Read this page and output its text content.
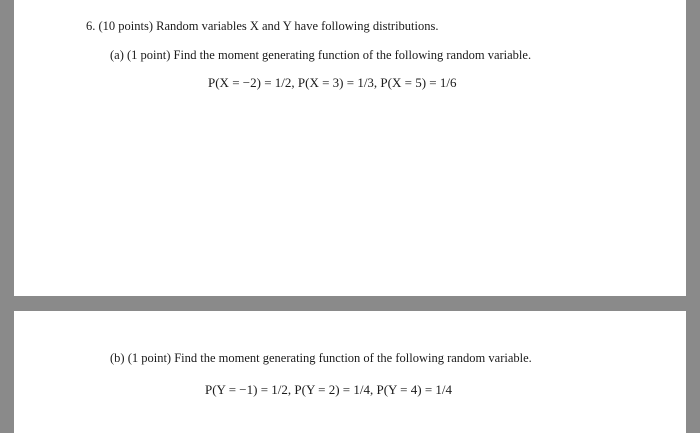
6. (10 points) Random variables X and Y have following distributions.
(a) (1 point) Find the moment generating function of the following random variable.
P(X = −2) = 1/2, P(X = 3) = 1/3, P(X = 5) = 1/6
(b) (1 point) Find the moment generating function of the following random variable.
P(Y = −1) = 1/2, P(Y = 2) = 1/4, P(Y = 4) = 1/4
